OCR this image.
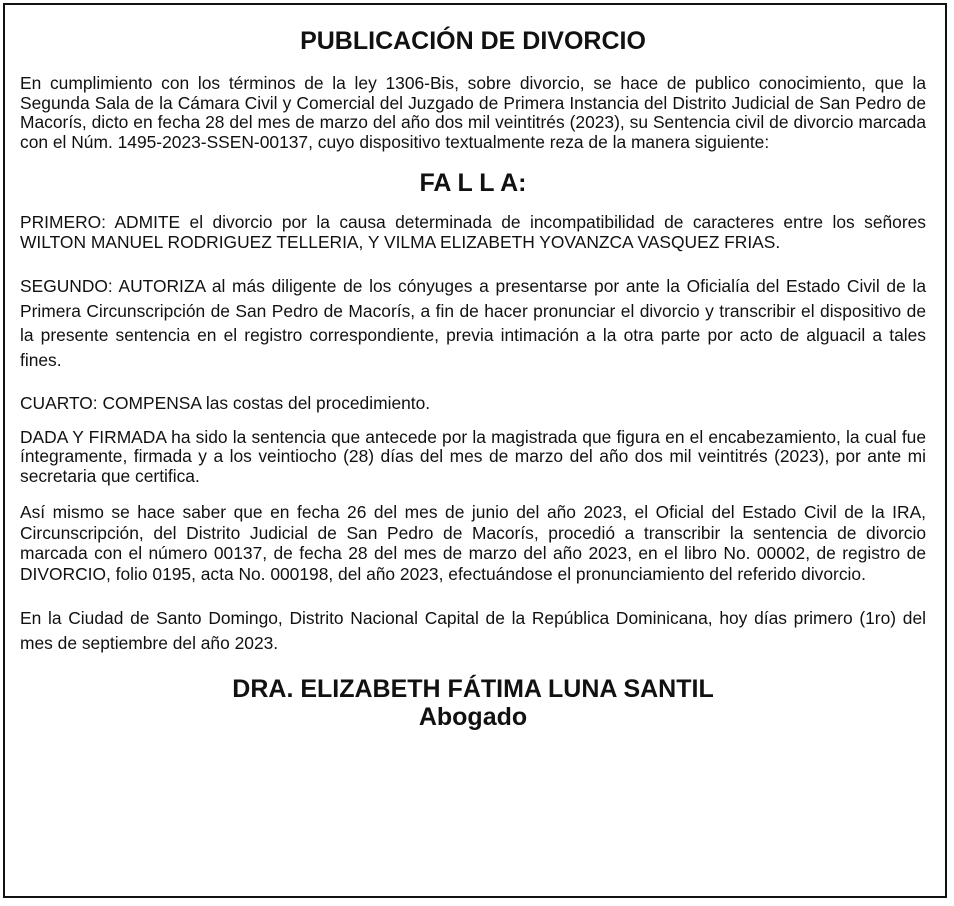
PUBLICACIÓN DE DIVORCIO

En cumplimiento con los términos de la ley 1306-Bis, sobre divorcio, se hace de publico conocimiento, que la Segunda Sala de la Cámara Civil y Comercial del Juzgado de Primera Instancia del Distrito Judicial de San Pedro de Macorís, dicto en fecha 28 del mes de marzo del año dos mil veintitrés (2023), su Sentencia civil de divorcio marcada con el Núm. 1495-2023-SSEN-00137, cuyo dispositivo textualmente reza de la manera siguiente:

FA L L A:

PRIMERO: ADMITE el divorcio por la causa determinada de incompatibilidad de caracteres entre los señores WILTON MANUEL RODRIGUEZ TELLERIA, Y VILMA ELIZABETH YOVANZCA VASQUEZ FRIAS.

SEGUNDO: AUTORIZA al más diligente de los cónyuges a presentarse por ante la Oficialía del Estado Civil de la Primera Circunscripción de San Pedro de Macorís, a fin de hacer pronunciar el divorcio y transcribir el dispositivo de la presente sentencia en el registro correspondiente, previa intimación a la otra parte por acto de alguacil a tales fines.

CUARTO: COMPENSA las costas del procedimiento.

DADA Y FIRMADA ha sido la sentencia que antecede por la magistrada que figura en el encabezamiento, la cual fue íntegramente, firmada y a los veintiocho (28) días del mes de marzo del año dos mil veintitrés (2023), por ante mi secretaria que certifica.

Así mismo se hace saber que en fecha 26 del mes de junio del año 2023, el Oficial del Estado Civil de la IRA, Circunscripción, del Distrito Judicial de San Pedro de Macorís, procedió a transcribir la sentencia de divorcio marcada con el número 00137, de fecha 28 del mes de marzo del año 2023, en el libro No. 00002, de registro de DIVORCIO, folio 0195, acta No. 000198, del año 2023, efectuándose el pronunciamiento del referido divorcio.

En la Ciudad de Santo Domingo, Distrito Nacional Capital de la República Dominicana, hoy días primero (1ro) del mes de septiembre del año 2023.

DRA. ELIZABETH FÁTIMA LUNA SANTIL
Abogado
